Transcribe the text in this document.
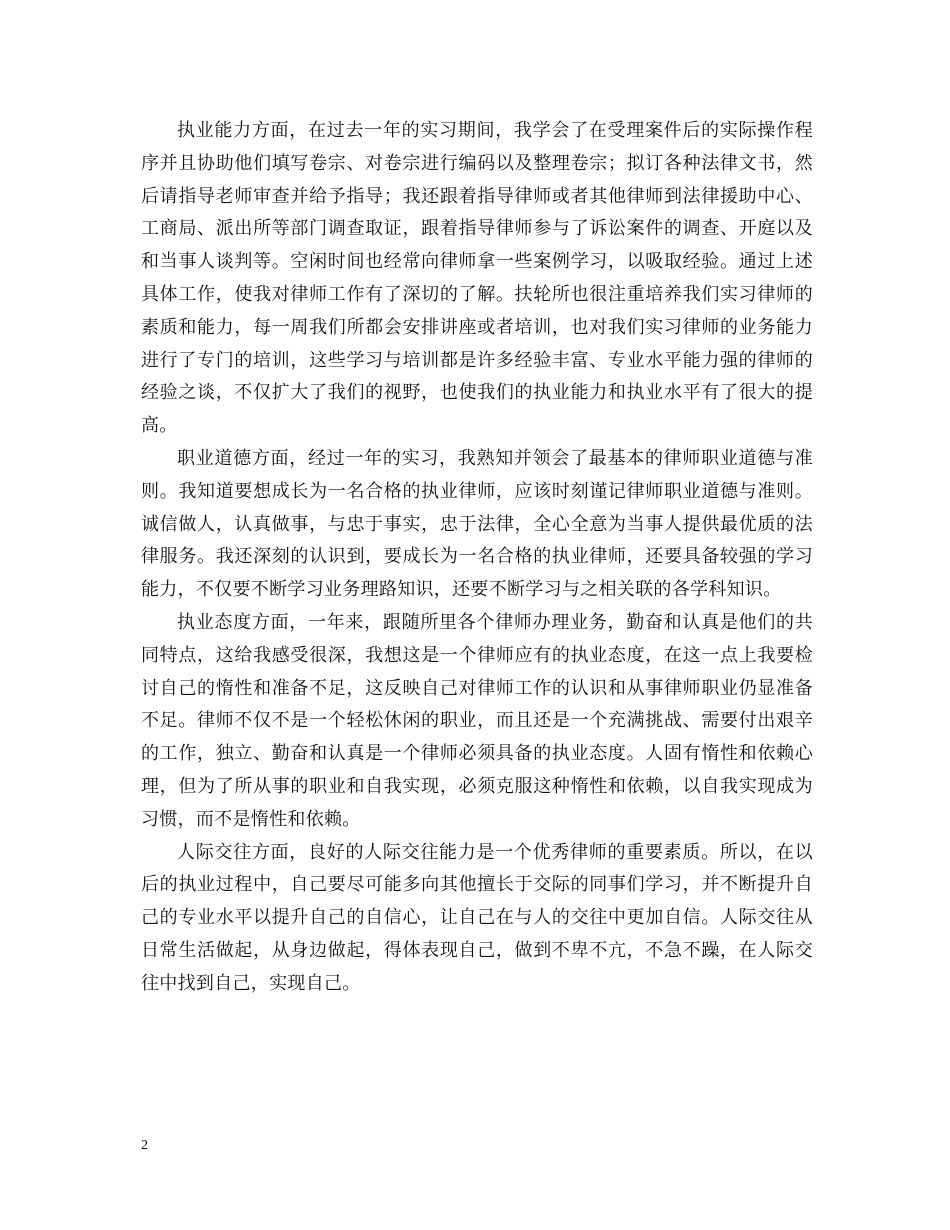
执业能力方面，在过去一年的实习期间，我学会了在受理案件后的实际操作程序并且协助他们填写卷宗、对卷宗进行编码以及整理卷宗；拟订各种法律文书，然后请指导老师审查并给予指导；我还跟着指导律师或者其他律师到法律援助中心、工商局、派出所等部门调查取证，跟着指导律师参与了诉讼案件的调查、开庭以及和当事人谈判等。空闲时间也经常向律师拿一些案例学习，以吸取经验。通过上述具体工作，使我对律师工作有了深切的了解。扶轮所也很注重培养我们实习律师的素质和能力，每一周我们所都会安排讲座或者培训，也对我们实习律师的业务能力进行了专门的培训，这些学习与培训都是许多经验丰富、专业水平能力强的律师的经验之谈，不仅扩大了我们的视野，也使我们的执业能力和执业水平有了很大的提高。

职业道德方面，经过一年的实习，我熟知并领会了最基本的律师职业道德与准则。我知道要想成长为一名合格的执业律师，应该时刻谨记律师职业道德与准则。诚信做人，认真做事，与忠于事实，忠于法律，全心全意为当事人提供最优质的法律服务。我还深刻的认识到，要成长为一名合格的执业律师，还要具备较强的学习能力，不仅要不断学习业务理路知识，还要不断学习与之相关联的各学科知识。

执业态度方面，一年来，跟随所里各个律师办理业务，勤奋和认真是他们的共同特点，这给我感受很深，我想这是一个律师应有的执业态度，在这一点上我要检讨自己的惰性和准备不足，这反映自己对律师工作的认识和从事律师职业仍显准备不足。律师不仅不是一个轻松休闲的职业，而且还是一个充满挑战、需要付出艰辛的工作，独立、勤奋和认真是一个律师必须具备的执业态度。人固有惰性和依赖心理，但为了所从事的职业和自我实现，必须克服这种惰性和依赖，以自我实现成为习惯，而不是惰性和依赖。

人际交往方面，良好的人际交往能力是一个优秀律师的重要素质。所以，在以后的执业过程中，自己要尽可能多向其他擅长于交际的同事们学习，并不断提升自己的专业水平以提升自己的自信心，让自己在与人的交往中更加自信。人际交往从日常生活做起，从身边做起，得体表现自己，做到不卑不亢，不急不躁，在人际交往中找到自己，实现自己。

2
